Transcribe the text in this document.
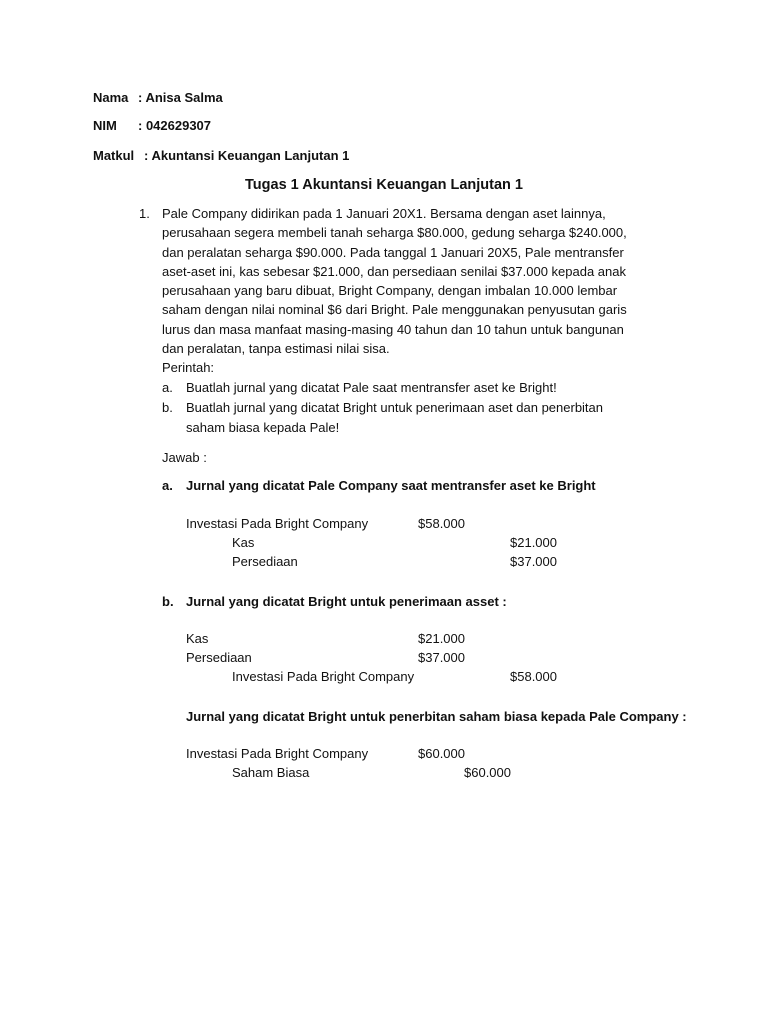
Nama : Anisa Salma
NIM : 042629307
Matkul : Akuntansi Keuangan Lanjutan 1
Tugas 1 Akuntansi Keuangan Lanjutan 1
1. Pale Company didirikan pada 1 Januari 20X1. Bersama dengan aset lainnya,
perusahaan segera membeli tanah seharga $80.000, gedung seharga $240.000,
dan peralatan seharga $90.000. Pada tanggal 1 Januari 20X5, Pale mentransfer
aset-aset ini, kas sebesar $21.000, dan persediaan senilai $37.000 kepada anak
perusahaan yang baru dibuat, Bright Company, dengan imbalan 10.000 lembar
saham dengan nilai nominal $6 dari Bright. Pale menggunakan penyusutan garis
lurus dan masa manfaat masing-masing 40 tahun dan 10 tahun untuk bangunan
dan peralatan, tanpa estimasi nilai sisa.
Perintah:
a. Buatlah jurnal yang dicatat Pale saat mentransfer aset ke Bright!
b. Buatlah jurnal yang dicatat Bright untuk penerimaan aset dan penerbitan
saham biasa kepada Pale!
Jawab :
a. Jurnal yang dicatat Pale Company saat mentransfer aset ke Bright
Investasi Pada Bright Company	$58.000
Kas	$21.000
Persediaan	$37.000
b. Jurnal yang dicatat Bright untuk penerimaan asset :
Kas	$21.000
Persediaan	$37.000
Investasi Pada Bright Company	$58.000
Jurnal yang dicatat Bright untuk penerbitan saham biasa kepada Pale Company :
Investasi Pada Bright Company	$60.000
Saham Biasa	$60.000
